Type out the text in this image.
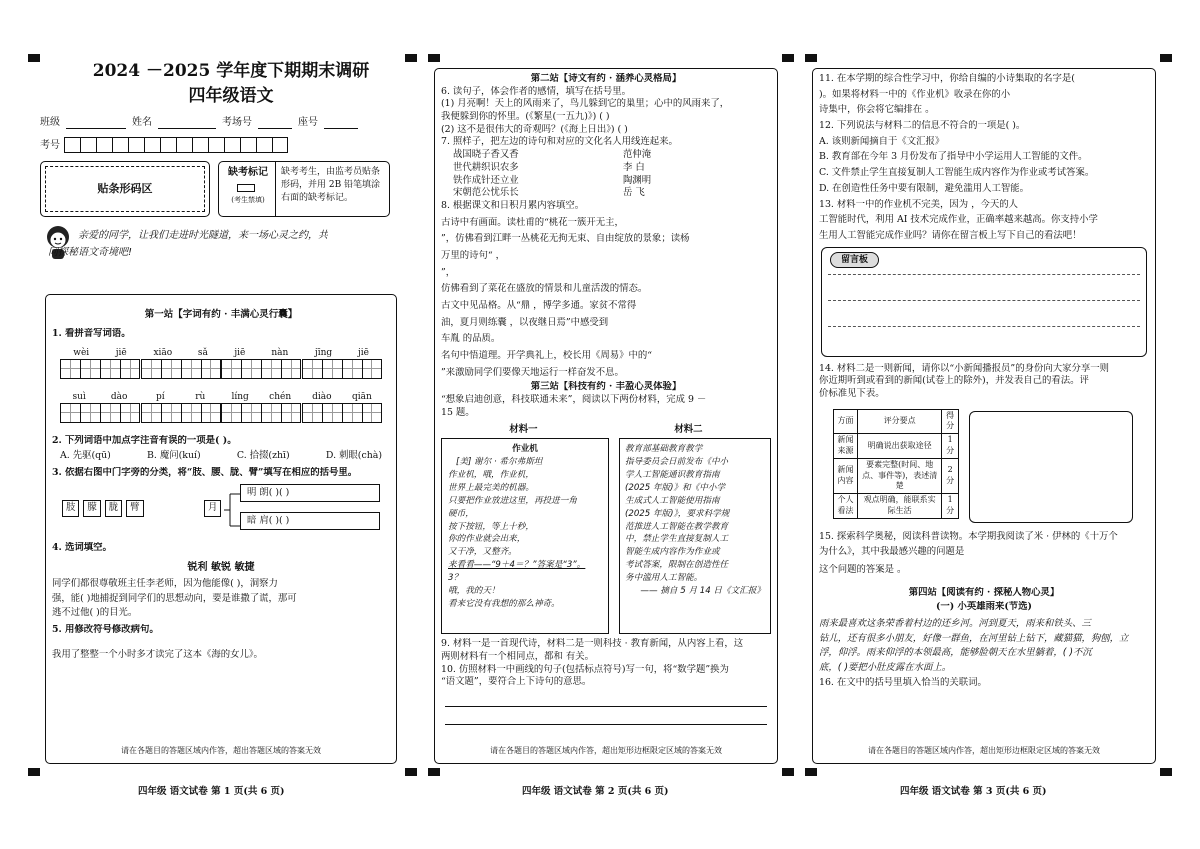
2024 －2025 学年度下期期末调研
四年级语文
班级	姓名	考场号	座号
考号
贴条形码区
缺考标记
(考生禁填)
缺考考生，由监考员贴条
形码，并用 2B 铅笔填涂
右面的缺考标记。
亲爱的同学，让我们走进时光隧道，来一场心灵之约，共
同探秘语文奇境吧!
第一站【字词有约 · 丰满心灵行囊】
1. 看拼音写词语。
wèi	jiē	xiāo	sǎ	jiē	nàn	jīng	jiē
suì	dào	pí	rù	líng chén diào qiān
2. 下列词语中加点字注音有误的一项是( )。
A. 先驱(qū)	B. 魔问(kuí)	C. 拾掇(zhī)	D. 刺眼(chà)
3. 依据右图中门字旁的分类，将“肢、腰、胧、臂”填写在相应的括号里。
肢 朦 胧 臂	月
明 朗( )( )
暗 肩( )( )
4. 选词填空。
锐利 敏锐 敏捷
同学们都很尊敬班主任李老师，因为他能像( )，洞察力
强，能( )地捕捉到同学们的思想动向，要是谁撒了谎，那可
逃不过他( )的目光。
5. 用修改符号修改病句。
我用了整整一个小时多才读完了这本《海的女儿》。
请在各题目的答题区域内作答，超出答题区域的答案无效
四年级 语文试卷 第 1 页(共 6 页)
第二站【诗文有约 · 涵养心灵格局】
6. 读句子，体会作者的感情，填写在括号里。
(1) 月亮啊！天上的风雨来了，鸟儿躲到它的巢里；心中的风雨来了，
我便躲到你的怀里。(《繁星(一五九)》) ( )
(2) 这不是很伟大的奇观吗？(《海上日出》) ( )
7. 照样子，把左边的诗句和对应的文化名人用线连起来。
战国晓子香又香	范仲淹
世代耕织识农多	李 白
铁作成针还立业	陶渊明
宋朝范公忧乐长	岳 飞
8. 根据课文和日积月累内容填空。
古诗中有画面。读杜甫的“桃花一簇开无主，
”，仿佛看到江畔一丛桃花无拘无束、自由绽放的景象；读杨
万里的诗句“ ，
”，
仿佛看到了菜花在盛放的情景和儿童活泼的情态。
古文中见品格。从“鼎 ，博学多通。家贫不常得
油，夏月则练囊 ，以夜继日焉”中感受到
车胤 的品质。
名句中悟道理。开学典礼上，校长用《周易》中的“
”来激励同学们要像天地运行一样奋发不息。
第三站【科技有约 · 丰盈心灵体验】
“想象启迪创意，科技联通未来”，阅读以下两份材料，完成 9 －
15 题。
材料一	材料二
作业机
[美] 谢尔 · 希尔弗斯坦
作业机，哦，作业机，
世界上最完美的机器。
只要把作业放进这里，再投进一角
硬币，
按下按钮，等上十秒，
你的作业就会出来，
又干净，又整齐。
来看看——“9＋4＝？”答案是“3”。
3？
哦，我的天！
看来它没有我想的那么神奇。
教育部基础教育教学
指导委员会日前发布《中小
学人工智能通识教育指南
(2025 年版)》和《中小学
生成式人工智能使用指南
(2025 年版)》，要求科学规
范推进人工智能在教学教育
中，禁止学生直接复制人工
智能生成内容作为作业或
考试答案，限制在创造性任
务中滥用人工智能。
—— 摘自 5 月 14 日《文汇报》
9. 材料一是一首现代诗，材料二是一则科技 · 教育新闻，从内容上看，这
两则材料有一个相同点，都和 有关。
10. 仿照材料一中画线的句子(包括标点符号)写一句，将“数学题”换为
“语文题”，要符合上下诗句的意思。
请在各题目的答题区域内作答，超出矩形边框限定区域的答案无效
四年级 语文试卷 第 2 页(共 6 页)
11. 在本学期的综合性学习中，你给自编的小诗集取的名字是(
)。如果将材料一中的《作业机》收录在你的小
诗集中，你会将它编排在 。
12. 下列说法与材料二的信息不符合的一项是( )。
A. 该则新闻摘自于《文汇报》
B. 教育部在今年 3 月份发布了指导中小学运用人工智能的文件。
C. 文件禁止学生直接复制人工智能生成内容作为作业或考试答案。
D. 在创造性任务中要有限制，避免滥用人工智能。
13. 材料一中的作业机不完美，因为 ，今天的人
工智能时代，利用 AI 技术完成作业，正确率越来越高。你支持小学
生用人工智能完成作业吗？请你在留言板上写下自己的看法吧！
留言板
14. 材料二是一则新闻，请你以“小新闻播报员”的身份向大家分享一则
你近期听到或看到的新闻(试卷上的除外)，并发表自己的看法。评
价标准见下表。
方面	评分要点	得分
新闻来源	明确说出获取途径	1分
新闻内容	要素完整(时间、地点、事件等)，表述清楚	2分
个人看法	观点明确，能联系实际生活	1分
15. 探索科学奥秘，阅读科普读物。本学期我阅读了米 · 伊林的《十万个
为什么》，其中我最感兴趣的问题是
这个问题的答案是 。
第四站【阅读有约 · 探秘人物心灵】
(一) 小英雄雨来(节选)
雨来最喜欢这条荣香着村边的还乡河。河到夏天，雨来和铁头、三
钻儿，还有很多小朋友，好像一群鱼，在河里钻上钻下，藏猫猫，狗刨，立
浮，仰浮。雨来仰浮的本领最高，能够脸朝天在水里躺着，( )不沉
底，( )要把小肚皮露在水面上。
16. 在文中的括号里填入恰当的关联词。
请在各题目的答题区域内作答，超出矩形边框限定区域的答案无效
四年级 语文试卷 第 3 页(共 6 页)
